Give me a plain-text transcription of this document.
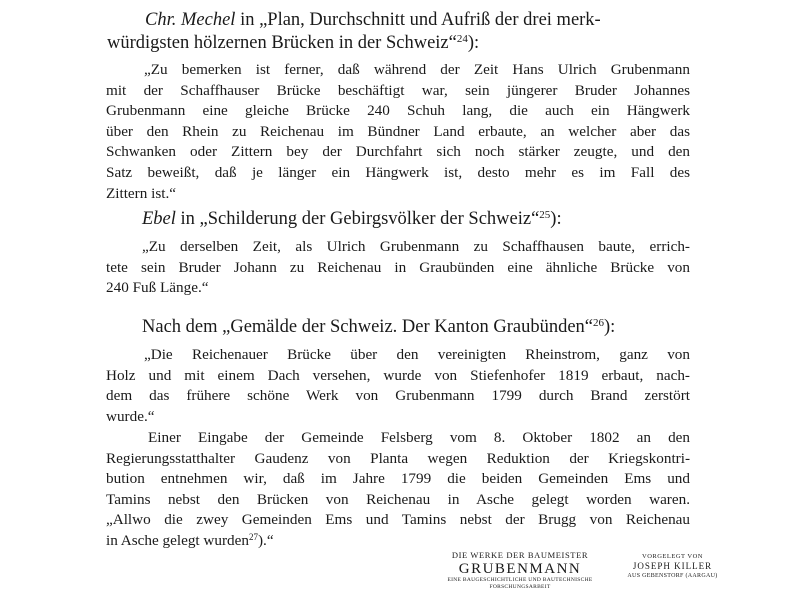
Chr. Mechel in „Plan, Durchschnitt und Aufriß der drei merk-
würdigsten hölzernen Brücken in der Schweiz“$^{24}$):
„Zu bemerken ist ferner, daß während der Zeit Hans Ulrich Grubenmann
mit der Schaffhauser Brücke beschäftigt war, sein jüngerer Bruder Johannes
Grubenmann eine gleiche Brücke 240 Schuh lang, die auch ein Hängwerk
über den Rhein zu Reichenau im Bündner Land erbaute, an welcher aber das
Schwanken oder Zittern bey der Durchfahrt sich noch stärker zeugte, und den
Satz beweißt, daß je länger ein Hängwerk ist, desto mehr es im Fall des
Zittern ist.“
Ebel in „Schilderung der Gebirgsvölker der Schweiz“$^{25}$):
„Zu derselben Zeit, als Ulrich Grubenmann zu Schaffhausen baute, errich-
tete sein Bruder Johann zu Reichenau in Graubünden eine ähnliche Brücke von
240 Fuß Länge.“
Nach dem „Gemälde der Schweiz. Der Kanton Graubünden“$^{26}$):
„Die Reichenauer Brücke über den vereinigten Rheinstrom, ganz von
Holz und mit einem Dach versehen, wurde von Stiefenhofer 1819 erbaut, nach-
dem das frühere schöne Werk von Grubenmann 1799 durch Brand zerstört
wurde.“
Einer Eingabe der Gemeinde Felsberg vom 8. Oktober 1802 an den
Regierungsstatthalter Gaudenz von Planta wegen Reduktion der Kriegskontri-
bution entnehmen wir, daß im Jahre 1799 die beiden Gemeinden Ems und
Tamins nebst den Brücken von Reichenau in Asche gelegt worden waren.
„Allwo die zwey Gemeinden Ems und Tamins nebst der Brugg von Reichenau
in Asche gelegt wurden$^{27}$).“
DIE WERKE DER BAUMEISTER
GRUBENMANN
EINE BAUGESCHICHTLICHE UND BAUTECHNISCHE
FORSCHUNGSARBEIT
VORGELEGT VON
JOSEPH KILLER
AUS GEBENSTORF (AARGAU)
